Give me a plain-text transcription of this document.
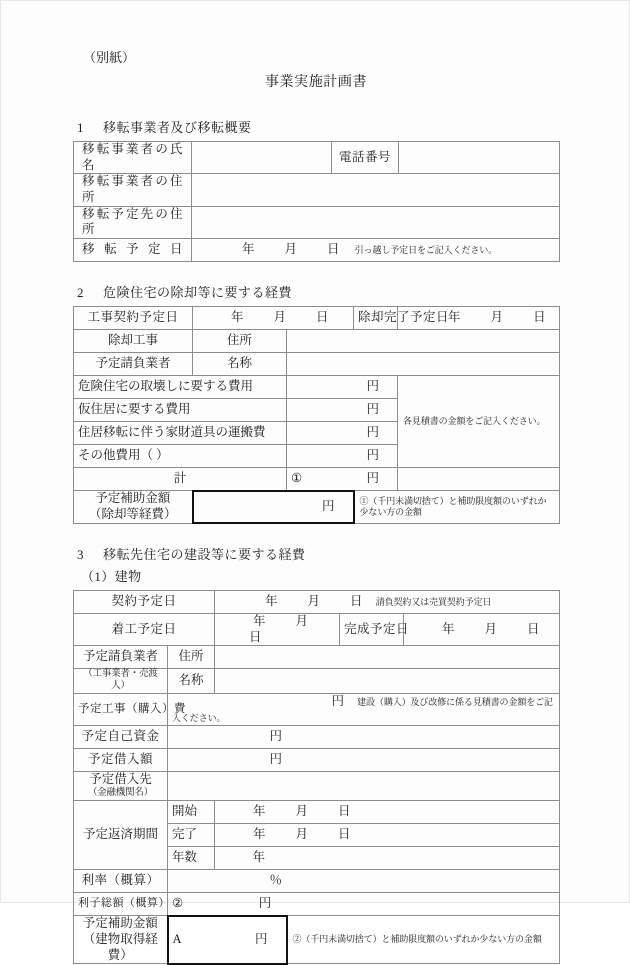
（別紙）
事業実施計画書
1 移転事業者及び移転概要
移転事業者の氏名		電話番号	
移転事業者の住所			
移転予定先の住所			
移 転 予 定 日	年 月 日 引っ越し予定日をご記入ください。		
2 危険住宅の除却等に要する経費
工事契約予定日	年 月 日		除却完了予定日	年 月 日
除却工事	住所			
予定請負業者	名称			
危険住宅の取壊しに要する費用		円		各見積書の金額をご記入ください。
仮住居に要する費用		円		
住居移転に伴う家財道具の運搬費		円		
その他費用（ ）		円		
計		① 円		

予定補助金額
（除却等経費）	円		①（千円未満切捨て）と補助限度額のいずれか少ない方の金額	
3 移転先住宅の建設等に要する経費
（1）建物
契約予定日		年 月 日 請負契約又は売買契約予定日			
着工予定日		年 月日		完成予定日	年 月 日
予定請負業者	住所				
（工事業者・売渡人）	名称				
予定工事（購入）費	円 建設（購入）及び改修に係る見積書の金額をご記入ください。				
予定自己資金	円				
予定借入額	円				

予定借入先
（金融機関名）					

予定返済期間	開始	年 月 日			
	完了	年 月 日			
	年数	年			
利率（概算）	％				
利子総額（概算）	② 円				

予定補助金額
（建物取得経費）

A	円	②（千円未満切捨て）と補助限度額のいずれか少ない方の金額
